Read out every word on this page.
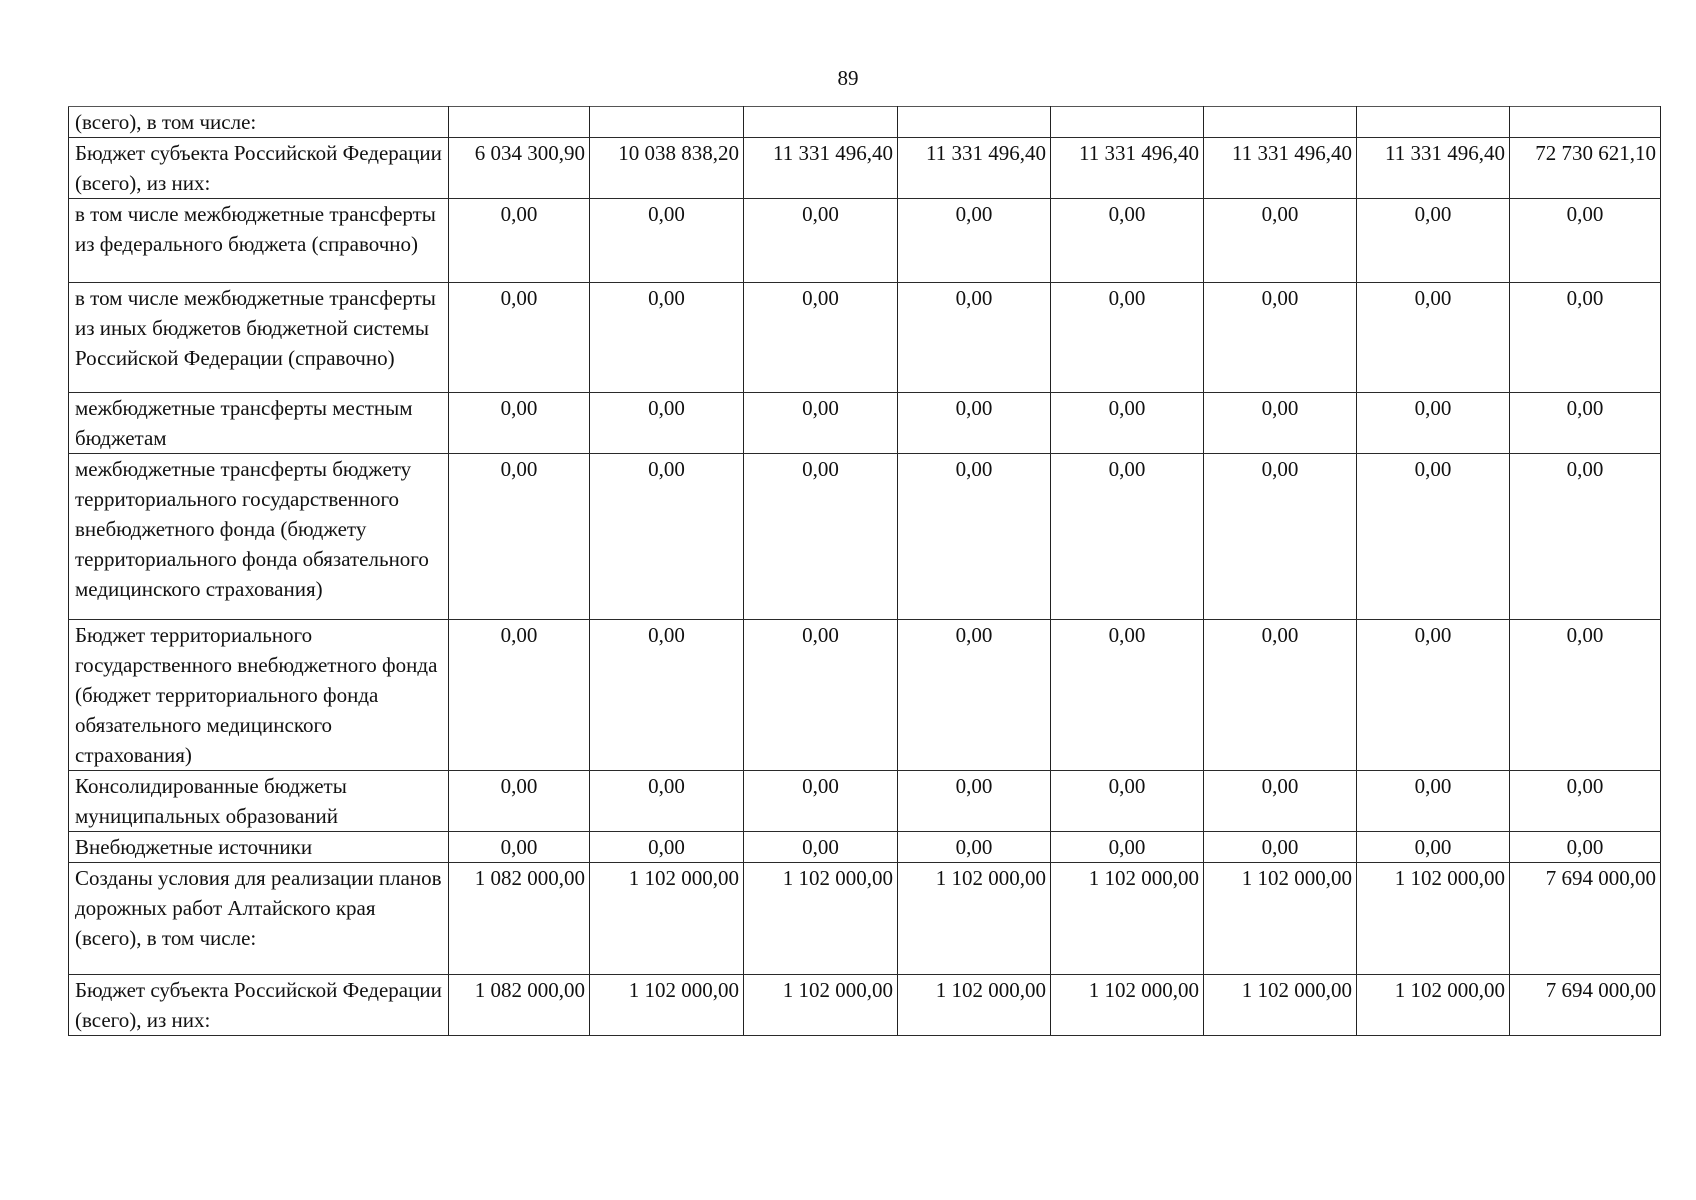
89
(всего), в том числе:								
Бюджет субъекта Российской Федерации (всего), из них:	6 034 300,90	10 038 838,20	11 331 496,40	11 331 496,40	11 331 496,40	11 331 496,40	11 331 496,40	72 730 621,10
в том числе межбюджетные трансферты из федерального бюджета (справочно)	0,00	0,00	0,00	0,00	0,00	0,00	0,00	0,00
в том числе межбюджетные трансферты из иных бюджетов бюджетной системы Российской Федерации (справочно)	0,00	0,00	0,00	0,00	0,00	0,00	0,00	0,00
межбюджетные трансферты местным бюджетам	0,00	0,00	0,00	0,00	0,00	0,00	0,00	0,00
межбюджетные трансферты бюджету территориального государственного внебюджетного фонда (бюджету территориального фонда обязательного медицинского страхования)	0,00	0,00	0,00	0,00	0,00	0,00	0,00	0,00
Бюджет территориального государственного внебюджетного фонда (бюджет территориального фонда обязательного медицинского страхования)	0,00	0,00	0,00	0,00	0,00	0,00	0,00	0,00
Консолидированные бюджеты муниципальных образований	0,00	0,00	0,00	0,00	0,00	0,00	0,00	0,00
Внебюджетные источники	0,00	0,00	0,00	0,00	0,00	0,00	0,00	0,00
Созданы условия для реализации планов дорожных работ Алтайского края (всего), в том числе:	1 082 000,00	1 102 000,00	1 102 000,00	1 102 000,00	1 102 000,00	1 102 000,00	1 102 000,00	7 694 000,00
Бюджет субъекта Российской Федерации (всего), из них:	1 082 000,00	1 102 000,00	1 102 000,00	1 102 000,00	1 102 000,00	1 102 000,00	1 102 000,00	7 694 000,00
